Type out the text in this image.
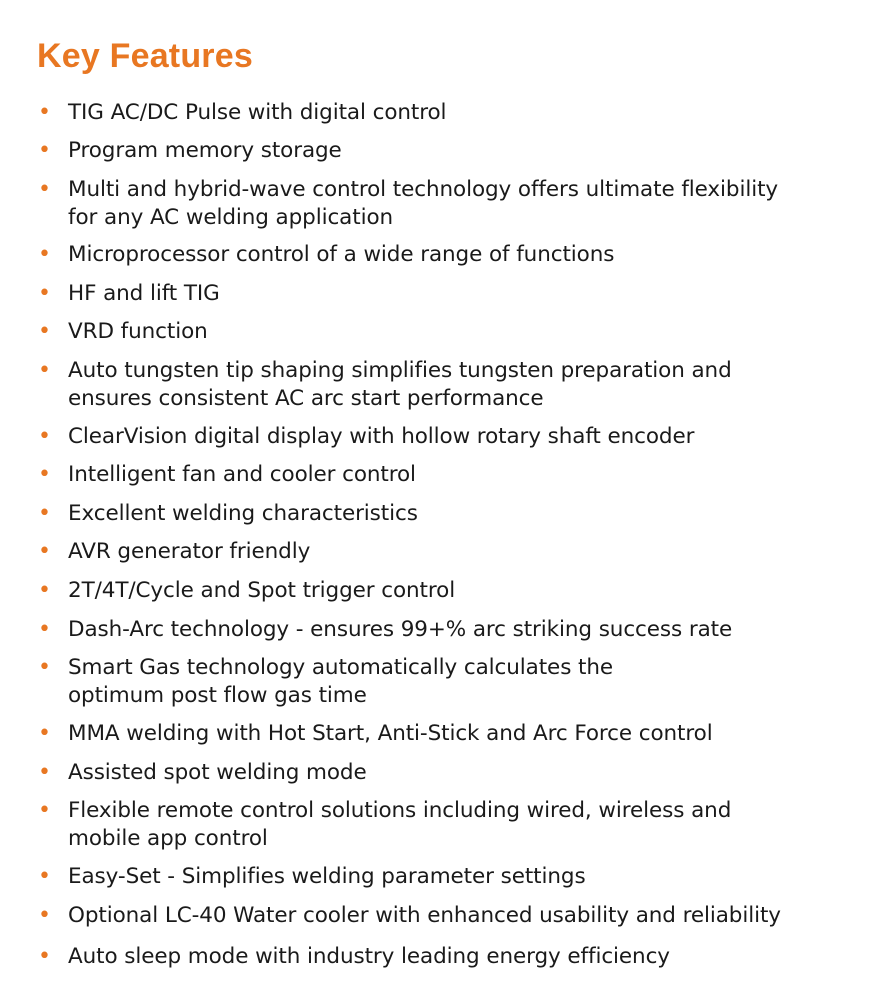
Key Features
• TIG AC/DC Pulse with digital control
• Program memory storage
• Multi and hybrid-wave control technology offers ultimate flexibility
for any AC welding application
• Microprocessor control of a wide range of functions
• HF and lift TIG
• VRD function
• Auto tungsten tip shaping simplifies tungsten preparation and
ensures consistent AC arc start performance
• ClearVision digital display with hollow rotary shaft encoder
• Intelligent fan and cooler control
• Excellent welding characteristics
• AVR generator friendly
• 2T/4T/Cycle and Spot trigger control
• Dash-Arc technology - ensures 99+% arc striking success rate
• Smart Gas technology automatically calculates the
optimum post flow gas time
• MMA welding with Hot Start, Anti-Stick and Arc Force control
• Assisted spot welding mode
• Flexible remote control solutions including wired, wireless and
mobile app control
• Easy-Set - Simplifies welding parameter settings
• Optional LC-40 Water cooler with enhanced usability and reliability
• Auto sleep mode with industry leading energy efficiency
